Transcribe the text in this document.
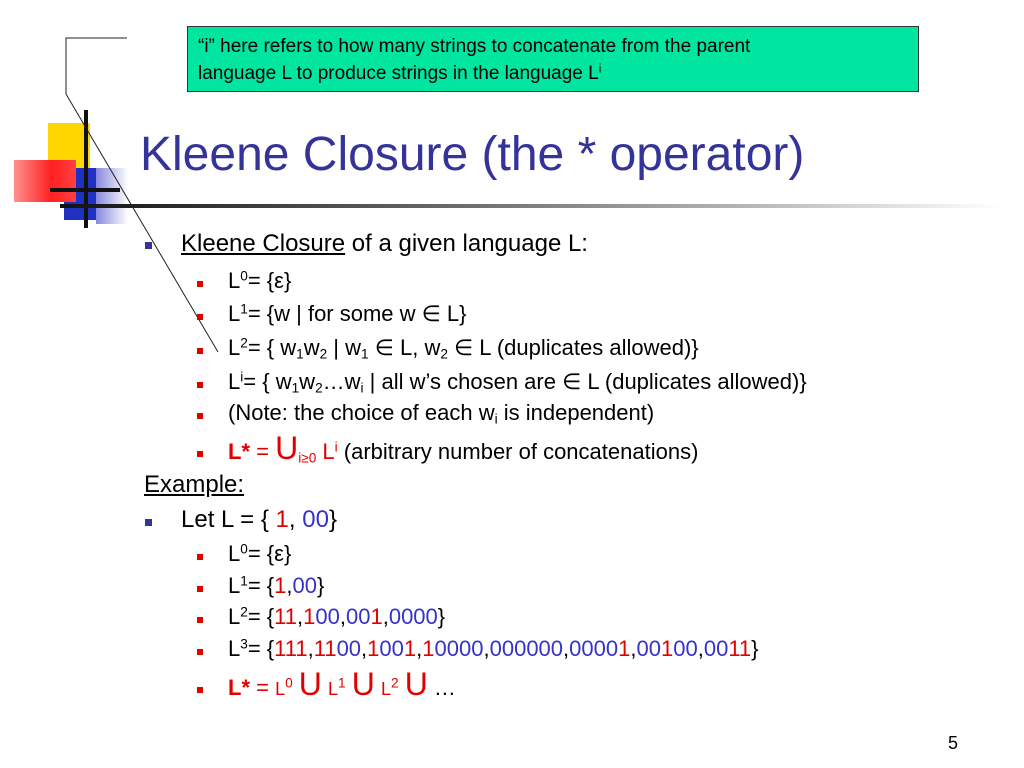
“i” here refers to how many strings to concatenate from the parent
language L to produce strings in the language $L^i$
Kleene Closure (the * operator)
Kleene Closure of a given language L:
$L^0= \{\varepsilon\}$
$L^1= \{w$ | for some w ∈ L}
$L^2=$ { $w_1w_2$ | $w_1$ ∈ L, $w_2$ ∈ L (duplicates allowed)}
$L^i=$ { $w_1w_2\dots w_i$ | all w’s chosen are ∈ L (duplicates allowed)}
(Note: the choice of each $w_i$ is independent)
$L* = U_{i\ge 0}$ $L^i$ (arbitrary number of concatenations)
Example:
Let L = { 1, 00}
$L^0= \{\varepsilon\}$
$L^1= \{1,00\}$
$L^2= \{11,100,001,0000\}$
$L^3= \{111,1100,1001,10000,000000,00001,00100,0011\}$
$L* = L^0$ U $L^1$ U $L^2$ U …
5
